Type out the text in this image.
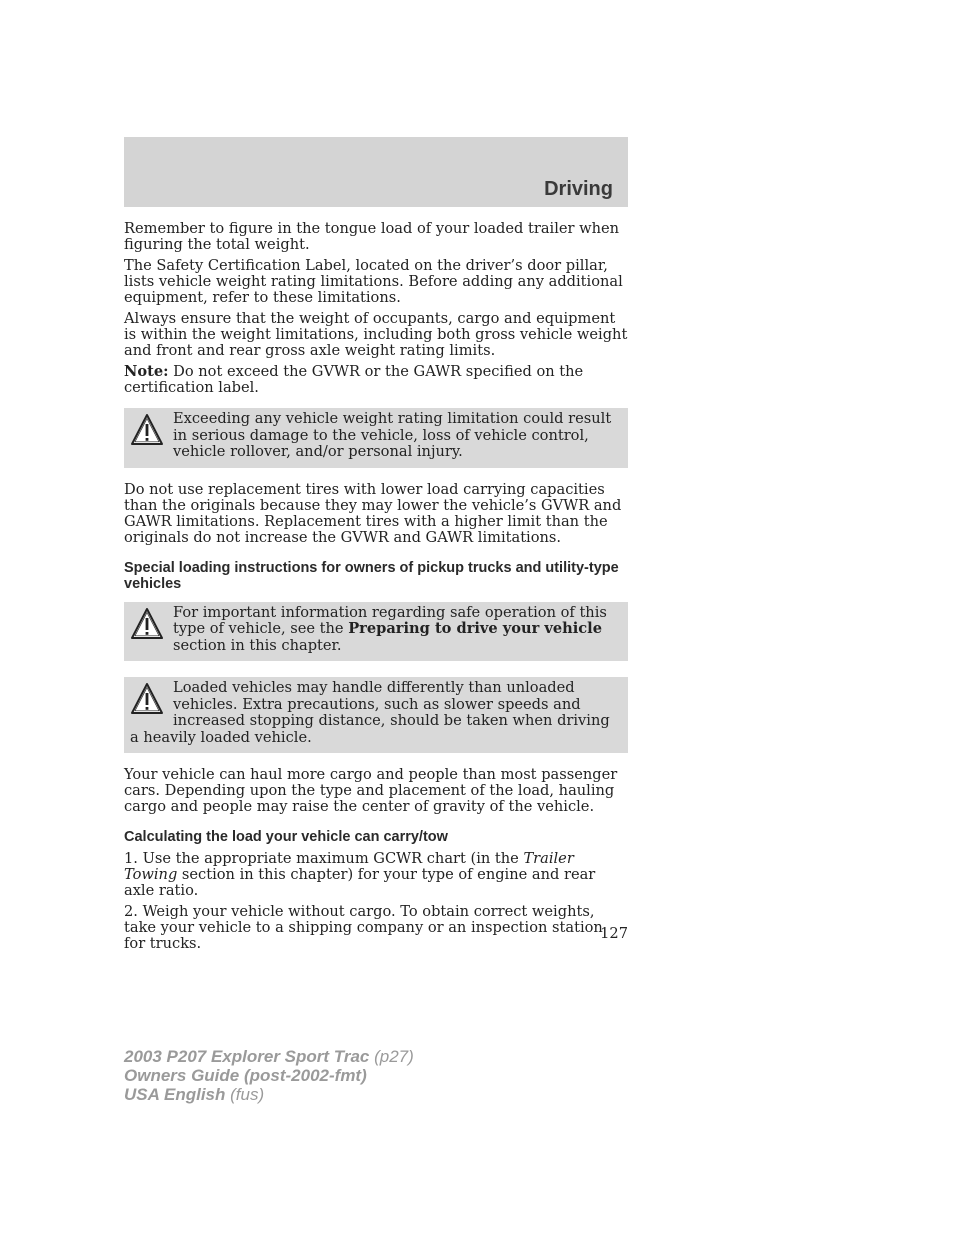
Driving

Remember to figure in the tongue load of your loaded trailer when figuring the total weight.

The Safety Certification Label, located on the driver’s door pillar, lists vehicle weight rating limitations. Before adding any additional equipment, refer to these limitations.

Always ensure that the weight of occupants, cargo and equipment is within the weight limitations, including both gross vehicle weight and front and rear gross axle weight rating limits.

Note: Do not exceed the GVWR or the GAWR specified on the certification label.

Exceeding any vehicle weight rating limitation could result in serious damage to the vehicle, loss of vehicle control, vehicle rollover, and/or personal injury.

Do not use replacement tires with lower load carrying capacities than the originals because they may lower the vehicle’s GVWR and GAWR limitations. Replacement tires with a higher limit than the originals do not increase the GVWR and GAWR limitations.

Special loading instructions for owners of pickup trucks and utility-type vehicles
For important information regarding safe operation of this type of vehicle, see the Preparing to drive your vehicle section in this chapter.
Loaded vehicles may handle differently than unloaded vehicles. Extra precautions, such as slower speeds and increased stopping distance, should be taken when driving a heavily loaded vehicle.

Your vehicle can haul more cargo and people than most passenger cars. Depending upon the type and placement of the load, hauling cargo and people may raise the center of gravity of the vehicle.

Calculating the load your vehicle can carry/tow

1. Use the appropriate maximum GCWR chart (in the Trailer Towing section in this chapter) for your type of engine and rear axle ratio.

2. Weigh your vehicle without cargo. To obtain correct weights, take your vehicle to a shipping company or an inspection station for trucks.

127
2003 P207 Explorer Sport Trac (p27)
Owners Guide (post-2002-fmt)
USA English (fus)
